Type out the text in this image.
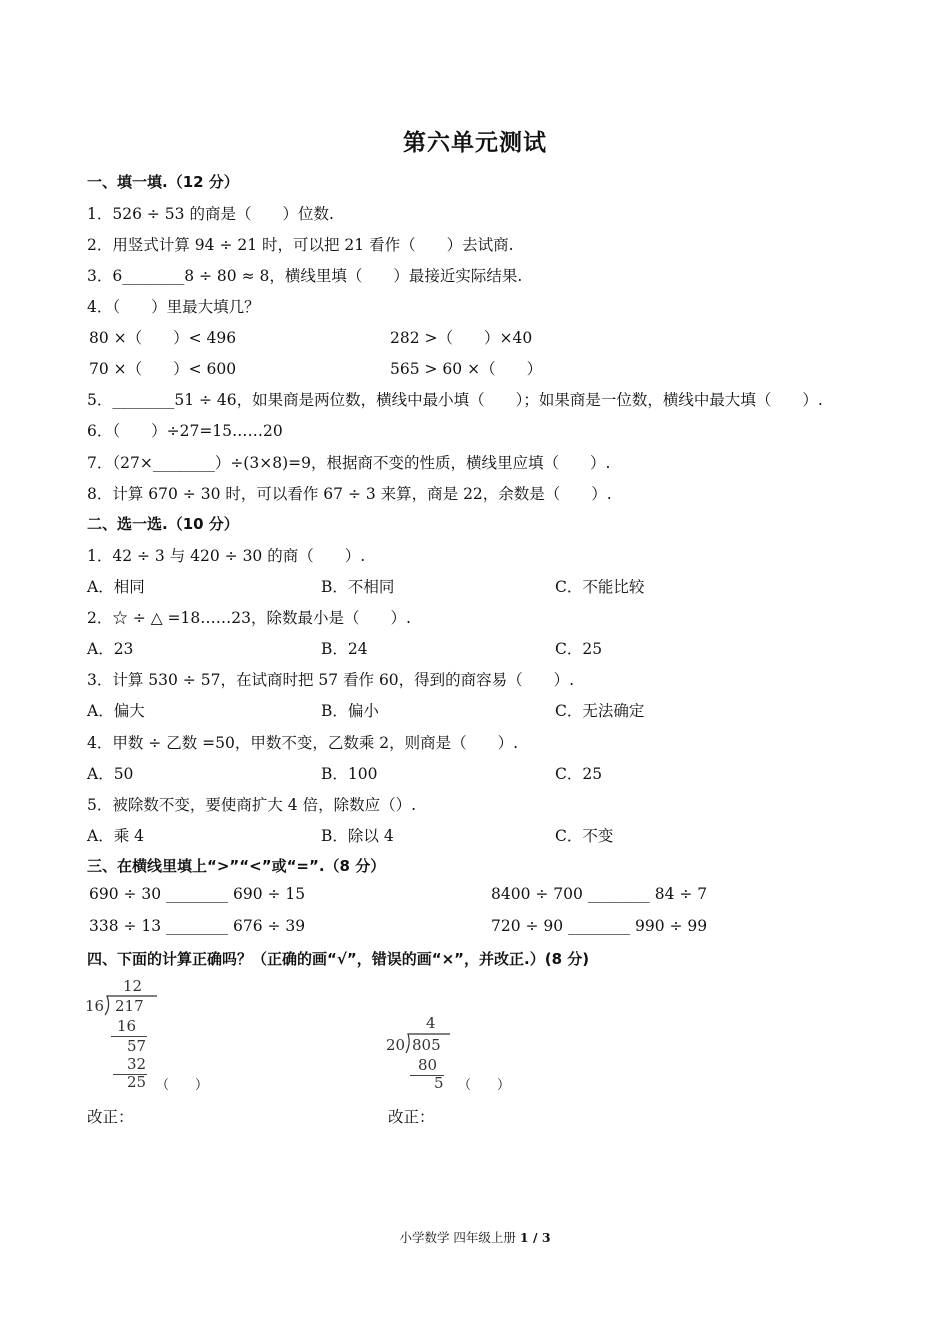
第六单元测试
一、填一填.（12 分）
1．526 ÷ 53 的商是（　　）位数.
2．用竖式计算 94 ÷ 21 时，可以把 21 看作（　　）去试商.
3．6________8 ÷ 80 ≈ 8，横线里填（　　）最接近实际结果.
4．（　　）里最大填几？
80 ×（　　）< 496	282 >（　　）×40
70 ×（　　）< 600	565 > 60 ×（　　）
5．________51 ÷ 46，如果商是两位数，横线中最小填（　　）；如果商是一位数，横线中最大填（　　）.
6．（　　）÷27=15……20
7．（27×________）÷(3×8)=9，根据商不变的性质，横线里应填（　　）.
8．计算 670 ÷ 30 时，可以看作 67 ÷ 3 来算，商是 22，余数是（　　）.
二、选一选.（10 分）
1．42 ÷ 3 与 420 ÷ 30 的商（　　）.
A．相同	B．不相同	C．不能比较
2．☆ ÷ △ =18……23，除数最小是（　　）.
A．23	B．24	C．25
3．计算 530 ÷ 57，在试商时把 57 看作 60，得到的商容易（　　）.
A．偏大	B．偏小	C．无法确定
4．甲数 ÷ 乙数 =50，甲数不变，乙数乘 2，则商是（　　）.
A．50	B．100	C．25
5．被除数不变，要使商扩大 4 倍，除数应（）.
A．乘 4	B．除以 4	C．不变
三、在横线里填上“>”“<”或“=”.（8 分）
690 ÷ 30 ________ 690 ÷ 15	8400 ÷ 700 ________ 84 ÷ 7
338 ÷ 13 ________ 676 ÷ 39	720 ÷ 90 ________ 990 ÷ 99
四、下面的计算正确吗？（正确的画“√”，错误的画“×”，并改正.）(8 分)
12
16 217
16
57
32
25 （　　）
4
20 805
80
5 （　　）
改正：	改正：
小学数学 四年级上册 1 / 3
